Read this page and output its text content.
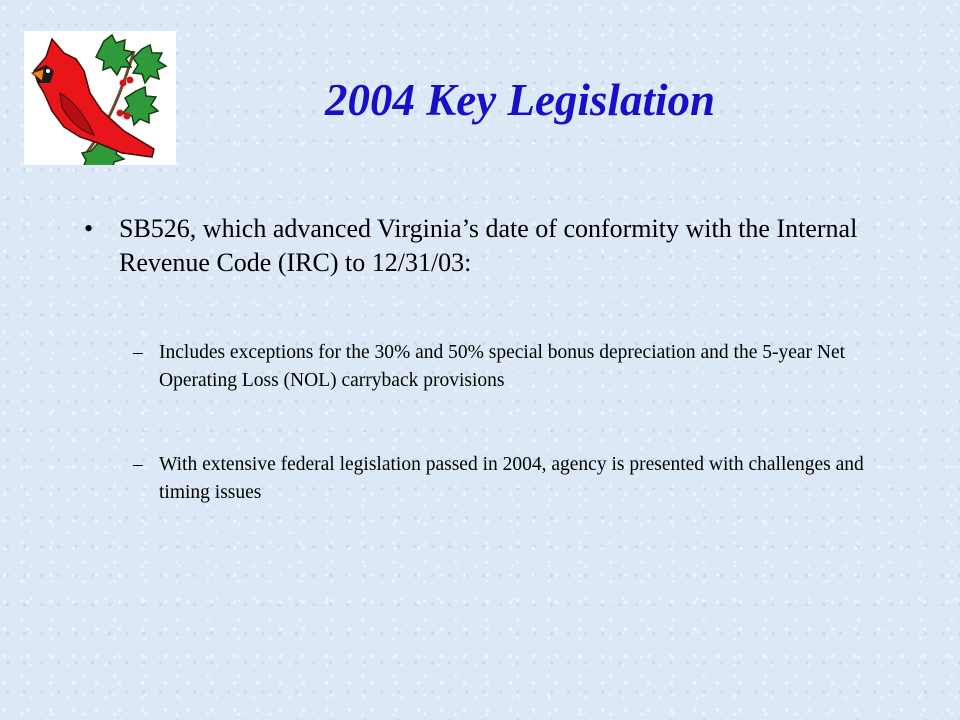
2004 Key Legislation
• SB526, which advanced Virginia’s date of conformity with the Internal Revenue Code (IRC) to 12/31/03:
– Includes exceptions for the 30% and 50% special bonus depreciation and the 5-year Net Operating Loss (NOL) carryback provisions
– With extensive federal legislation passed in 2004, agency is presented with challenges and timing issues
